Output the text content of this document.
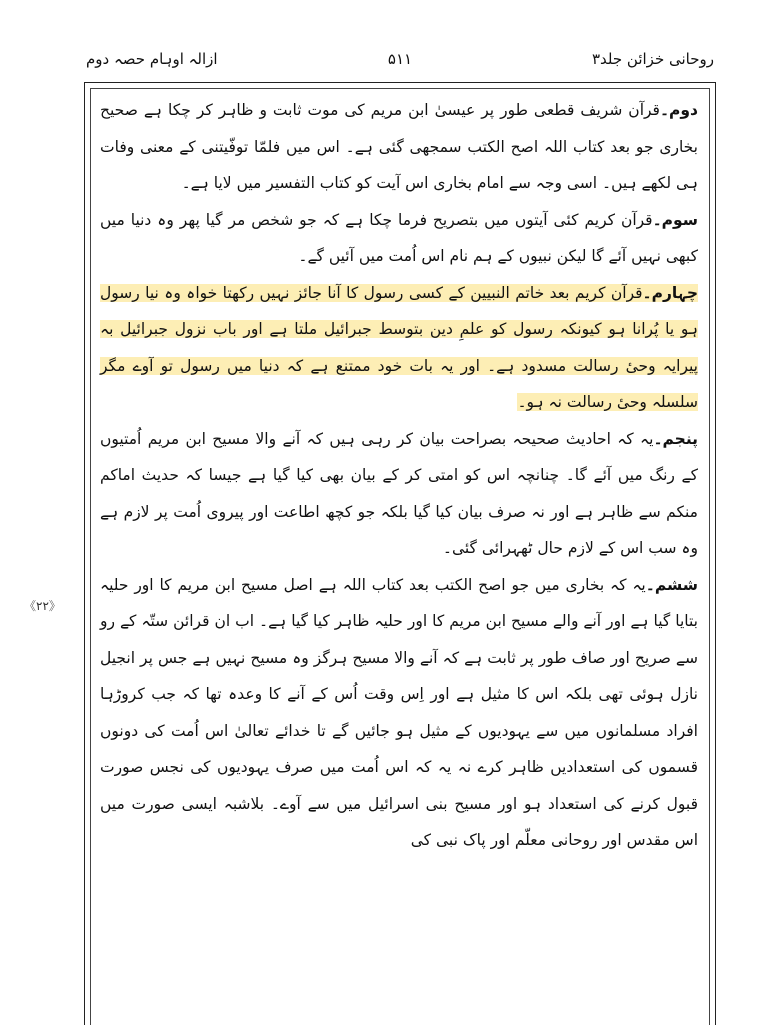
روحانی خزائن جلد۳
۵۱۱
ازالہ اوہام حصہ دوم
《۲۲》

دوم۔قرآن شریف قطعی طور پر عیسیٰ ابن مریم کی موت ثابت و ظاہر کر چکا ہے صحیح بخاری جو بعد کتاب اللہ اصح الکتب سمجھی گئی ہے۔ اس میں فلمّا توفّیتنی کے معنی وفات ہی لکھے ہیں۔ اسی وجہ سے امام بخاری اس آیت کو کتاب التفسیر میں لایا ہے۔

سوم۔قرآن کریم کئی آیتوں میں بتصریح فرما چکا ہے کہ جو شخص مر گیا پھر وہ دنیا میں کبھی نہیں آئے گا لیکن نبیوں کے ہم نام اس اُمت میں آئیں گے۔

چہارم۔قرآن کریم بعد خاتم النبیین کے کسی رسول کا آنا جائز نہیں رکھتا خواہ وہ نیا رسول ہو یا پُرانا ہو کیونکہ رسول کو علمِ دین بتوسط جبرائیل ملتا ہے اور باب نزول جبرائیل بہ پیرایہ وحیٔ رسالت مسدود ہے۔ اور یہ بات خود ممتنع ہے کہ دنیا میں رسول تو آوے مگر سلسلہ وحیٔ رسالت نہ ہو۔

پنجم۔یہ کہ احادیث صحیحہ بصراحت بیان کر رہی ہیں کہ آنے والا مسیح ابن مریم اُمتیوں کے رنگ میں آئے گا۔ چنانچہ اس کو امتی کر کے بیان بھی کیا گیا ہے جیسا کہ حدیث اماکم منکم سے ظاہر ہے اور نہ صرف بیان کیا گیا بلکہ جو کچھ اطاعت اور پیروی اُمت پر لازم ہے وہ سب اس کے لازم حال ٹھہرائی گئی۔

ششم۔یہ کہ بخاری میں جو اصح الکتب بعد کتاب اللہ ہے اصل مسیح ابن مریم کا اور حلیہ بتایا گیا ہے اور آنے والے مسیح ابن مریم کا اور حلیہ ظاہر کیا گیا ہے۔ اب ان قرائن ستّہ کے رو سے صریح اور صاف طور پر ثابت ہے کہ آنے والا مسیح ہرگز وہ مسیح نہیں ہے جس پر انجیل نازل ہوئی تھی بلکہ اس کا مثیل ہے اور اِس وقت اُس کے آنے کا وعدہ تھا کہ جب کروڑہا افراد مسلمانوں میں سے یہودیوں کے مثیل ہو جائیں گے تا خدائے تعالیٰ اس اُمت کی دونوں قسموں کی استعدادیں ظاہر کرے نہ یہ کہ اس اُمت میں صرف یہودیوں کی نجس صورت قبول کرنے کی استعداد ہو اور مسیح بنی اسرائیل میں سے آوے۔ بلاشبہ ایسی صورت میں اس مقدس اور روحانی معلّم اور پاک نبی کی
